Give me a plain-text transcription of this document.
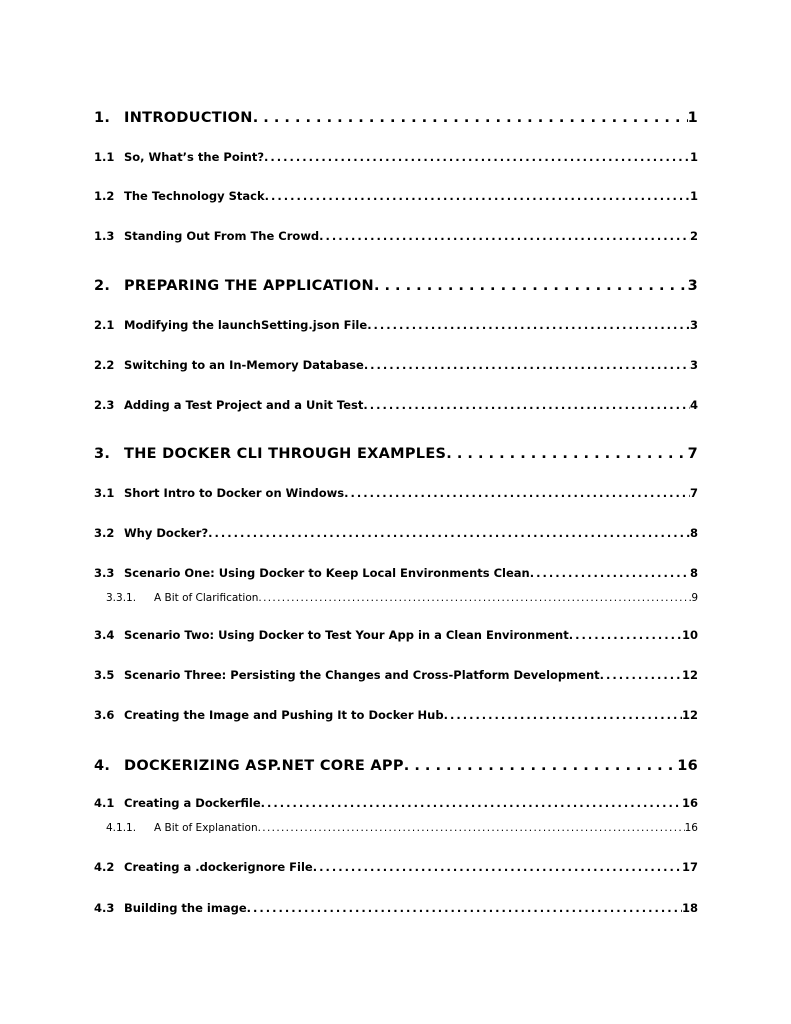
1. INTRODUCTION . . .	1
1.1 So, What’s the Point? . . .	1
1.2 The Technology Stack . . .	1
1.3 Standing Out From The Crowd . . .	2
2. PREPARING THE APPLICATION . . .	3
2.1 Modifying the launchSetting.json File . . .	3
2.2 Switching to an In-Memory Database . . .	3
2.3 Adding a Test Project and a Unit Test . . .	4
3. THE DOCKER CLI THROUGH EXAMPLES . . .	7
3.1 Short Intro to Docker on Windows . . .	7
3.2 Why Docker? . . .	8
3.3 Scenario One: Using Docker to Keep Local Environments Clean . . .	8
3.3.1.	A Bit of Clarification . . .	9
3.4 Scenario Two: Using Docker to Test Your App in a Clean Environment . . .	10
3.5 Scenario Three: Persisting the Changes and Cross-Platform Development . . .	12
3.6 Creating the Image and Pushing It to Docker Hub . . .	12
4. DOCKERIZING ASP.NET CORE APP . . .	16
4.1 Creating a Dockerfile . . .	16
4.1.1.	A Bit of Explanation . . .	16
4.2 Creating a .dockerignore File . . .	17
4.3 Building the image . . .	18
